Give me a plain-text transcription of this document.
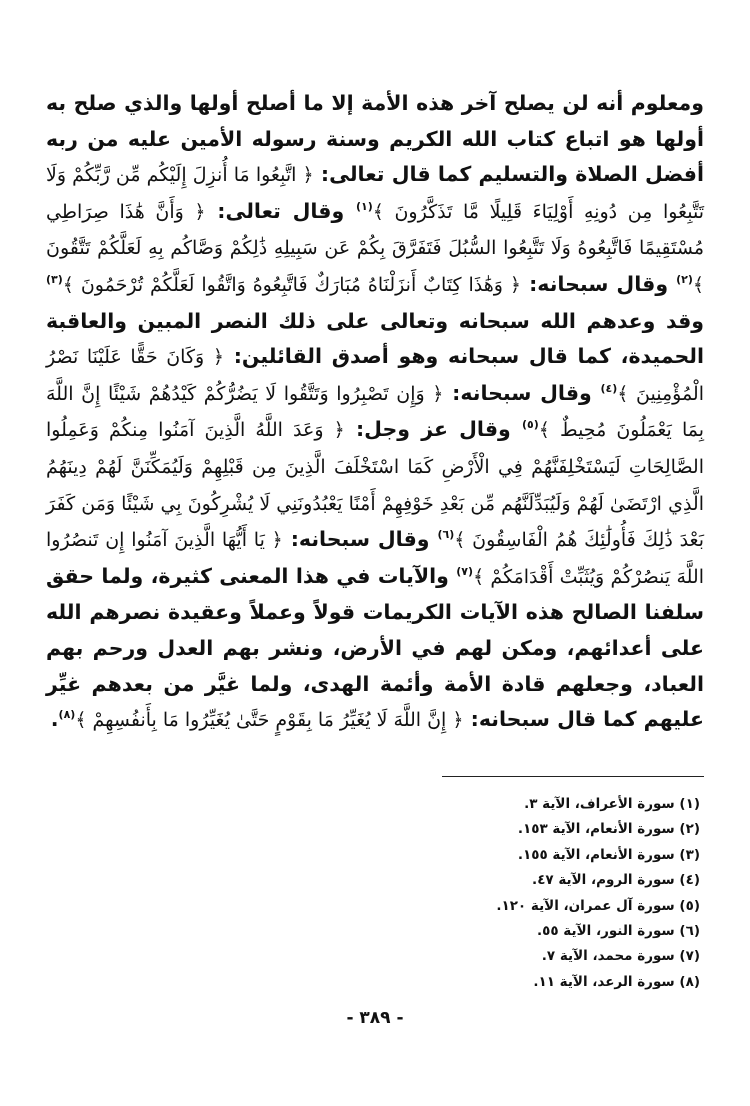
ومعلوم أنه لن يصلح آخر هذه الأمة إلا ما أصلح أولها والذي صلح به أولها هو اتباع كتاب الله الكريم وسنة رسوله الأمين عليه من ربه أفضل الصلاة والتسليم كما قال تعالى: ﴿ اتَّبِعُوا مَا أُنزِلَ إِلَيْكُم مِّن رَّبِّكُمْ وَلَا تَتَّبِعُوا مِن دُونِهِ أَوْلِيَاءَ قَلِيلًا مَّا تَذَكَّرُونَ ﴾$^{(١)}$ وقال تعالى: ﴿ وَأَنَّ هَٰذَا صِرَاطِي مُسْتَقِيمًا فَاتَّبِعُوهُ وَلَا تَتَّبِعُوا السُّبُلَ فَتَفَرَّقَ بِكُمْ عَن سَبِيلِهِ ذَٰلِكُمْ وَصَّاكُم بِهِ لَعَلَّكُمْ تَتَّقُونَ ﴾$^{(٢)}$ وقال سبحانه: ﴿ وَهَٰذَا كِتَابٌ أَنزَلْنَاهُ مُبَارَكٌ فَاتَّبِعُوهُ وَاتَّقُوا لَعَلَّكُمْ تُرْحَمُونَ ﴾$^{(٣)}$ وقد وعدهم الله سبحانه وتعالى على ذلك النصر المبين والعاقبة الحميدة، كما قال سبحانه وهو أصدق القائلين: ﴿ وَكَانَ حَقًّا عَلَيْنَا نَصْرُ الْمُؤْمِنِينَ ﴾$^{(٤)}$ وقال سبحانه: ﴿ وَإِن تَصْبِرُوا وَتَتَّقُوا لَا يَضُرُّكُمْ كَيْدُهُمْ شَيْئًا إِنَّ اللَّهَ بِمَا يَعْمَلُونَ مُحِيطٌ ﴾$^{(٥)}$ وقال عز وجل: ﴿ وَعَدَ اللَّهُ الَّذِينَ آمَنُوا مِنكُمْ وَعَمِلُوا الصَّالِحَاتِ لَيَسْتَخْلِفَنَّهُمْ فِي الْأَرْضِ كَمَا اسْتَخْلَفَ الَّذِينَ مِن قَبْلِهِمْ وَلَيُمَكِّنَنَّ لَهُمْ دِينَهُمُ الَّذِي ارْتَضَىٰ لَهُمْ وَلَيُبَدِّلَنَّهُم مِّن بَعْدِ خَوْفِهِمْ أَمْنًا يَعْبُدُونَنِي لَا يُشْرِكُونَ بِي شَيْئًا وَمَن كَفَرَ بَعْدَ ذَٰلِكَ فَأُولَٰئِكَ هُمُ الْفَاسِقُونَ ﴾$^{(٦)}$ وقال سبحانه: ﴿ يَا أَيُّهَا الَّذِينَ آمَنُوا إِن تَنصُرُوا اللَّهَ يَنصُرْكُمْ وَيُثَبِّتْ أَقْدَامَكُمْ ﴾$^{(٧)}$ والآيات في هذا المعنى كثيرة، ولما حقق سلفنا الصالح هذه الآيات الكريمات قولاً وعملاً وعقيدة نصرهم الله على أعدائهم، ومكن لهم في الأرض، ونشر بهم العدل ورحم بهم العباد، وجعلهم قادة الأمة وأئمة الهدى، ولما غيَّر من بعدهم غيِّر عليهم كما قال سبحانه: ﴿ إِنَّ اللَّهَ لَا يُغَيِّرُ مَا بِقَوْمٍ حَتَّىٰ يُغَيِّرُوا مَا بِأَنفُسِهِمْ ﴾$^{(٨)}$.
(١) سورة الأعراف، الآية ٣.
(٢) سورة الأنعام، الآية ١٥٣.
(٣) سورة الأنعام، الآية ١٥٥.
(٤) سورة الروم، الآية ٤٧.
(٥) سورة آل عمران، الآية ١٢٠.
(٦) سورة النور، الآية ٥٥.
(٧) سورة محمد، الآية ٧.
(٨) سورة الرعد، الآية ١١.
- ٣٨٩ -
